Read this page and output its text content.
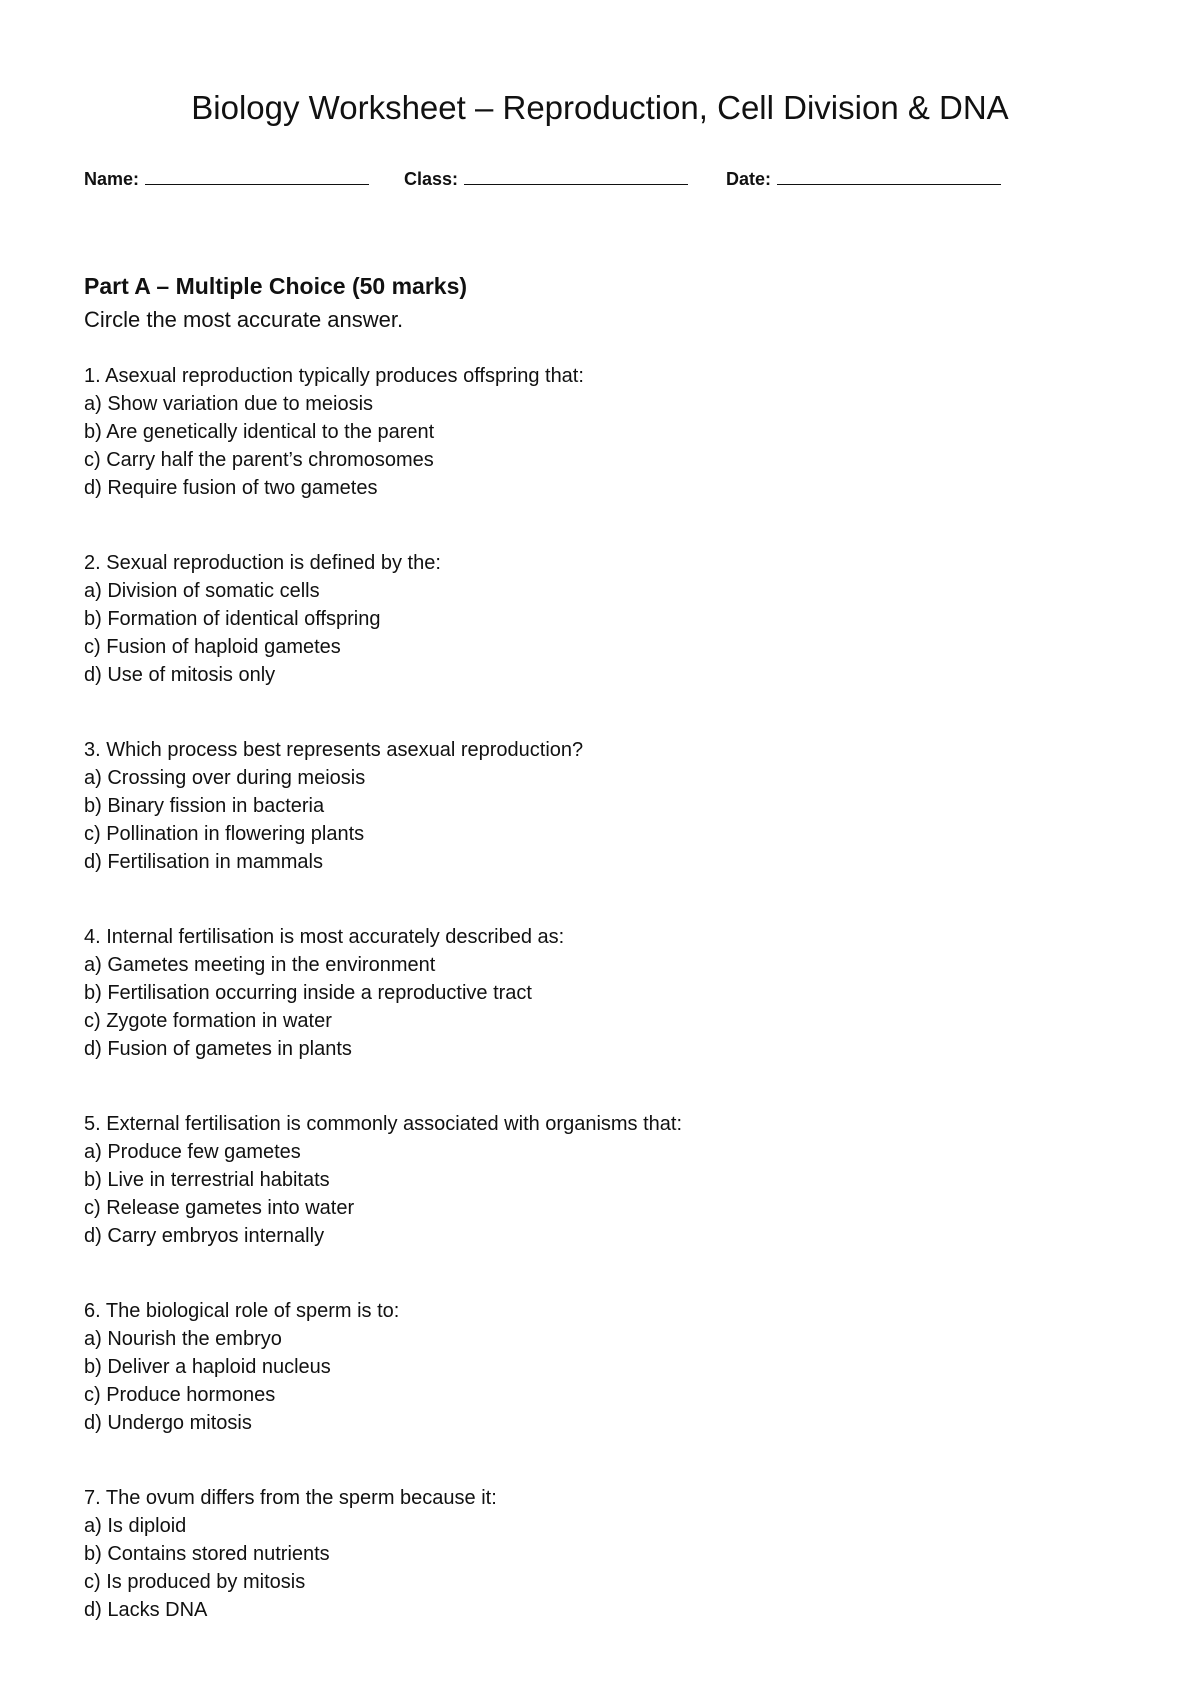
Biology Worksheet – Reproduction, Cell Division & DNA
Name:	Class:	Date:
Part A – Multiple Choice (50 marks)

Circle the most accurate answer.

1. Asexual reproduction typically produces offspring that:
a) Show variation due to meiosis
b) Are genetically identical to the parent
c) Carry half the parent’s chromosomes
d) Require fusion of two gametes
2. Sexual reproduction is defined by the:
a) Division of somatic cells
b) Formation of identical offspring
c) Fusion of haploid gametes
d) Use of mitosis only
3. Which process best represents asexual reproduction?
a) Crossing over during meiosis
b) Binary fission in bacteria
c) Pollination in flowering plants
d) Fertilisation in mammals
4. Internal fertilisation is most accurately described as:
a) Gametes meeting in the environment
b) Fertilisation occurring inside a reproductive tract
c) Zygote formation in water
d) Fusion of gametes in plants
5. External fertilisation is commonly associated with organisms that:
a) Produce few gametes
b) Live in terrestrial habitats
c) Release gametes into water
d) Carry embryos internally
6. The biological role of sperm is to:
a) Nourish the embryo
b) Deliver a haploid nucleus
c) Produce hormones
d) Undergo mitosis
7. The ovum differs from the sperm because it:
a) Is diploid
b) Contains stored nutrients
c) Is produced by mitosis
d) Lacks DNA
